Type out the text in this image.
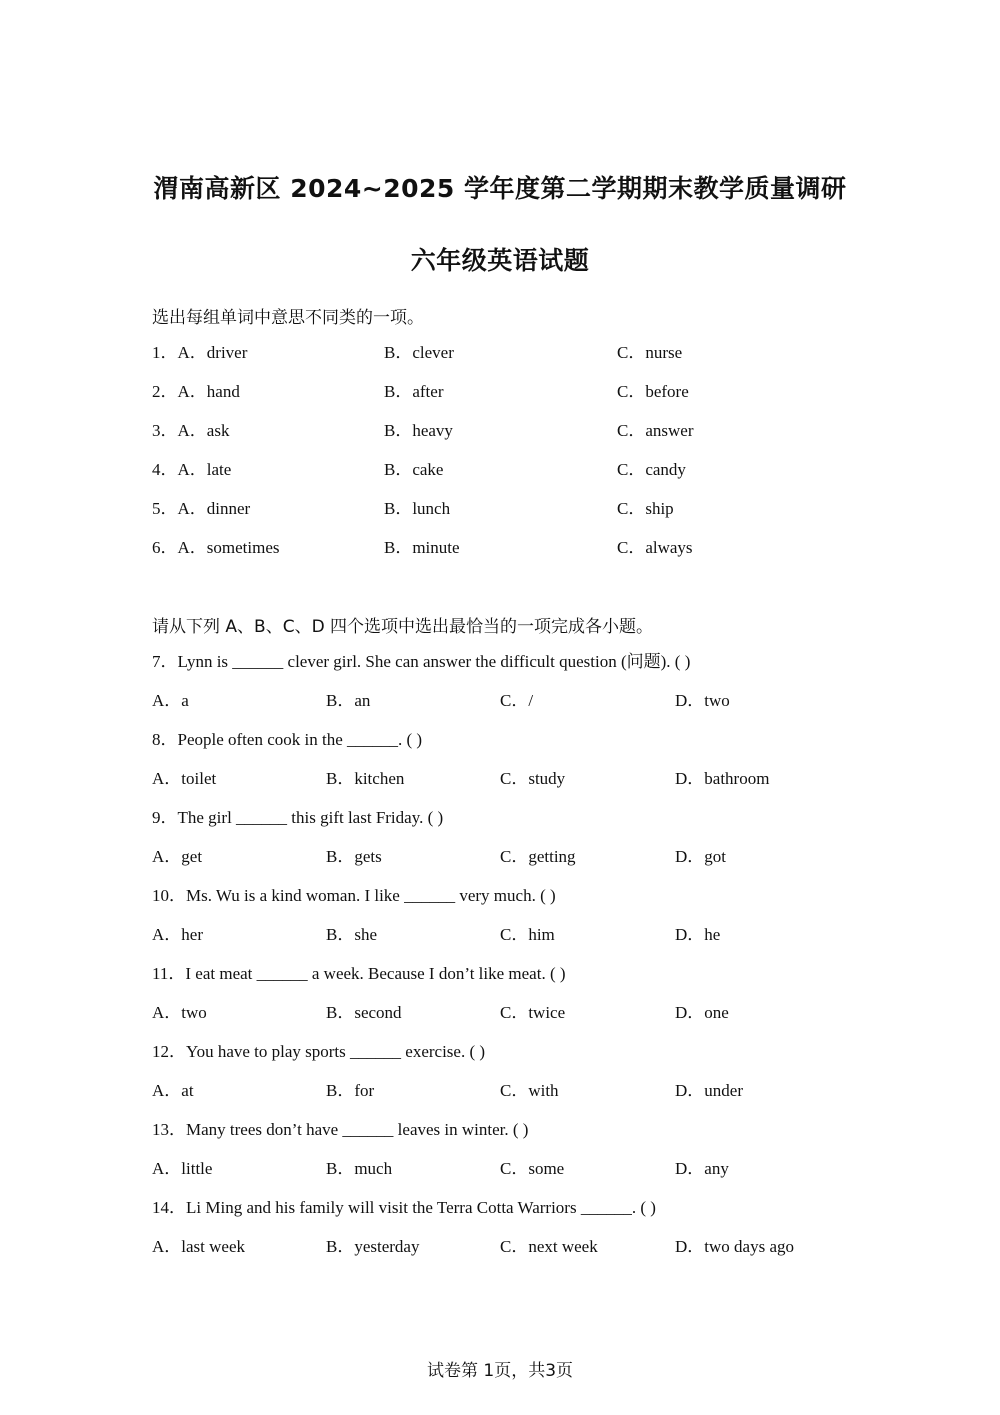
渭南高新区 2024~2025 学年度第二学期期末教学质量调研
六年级英语试题

选出每组单词中意思不同类的一项。

1．A．driver	B．clever	C．nurse
2．A．hand	B．after	C．before
3．A．ask	B．heavy	C．answer
4．A．late	B．cake	C．candy
5．A．dinner	B．lunch	C．ship
6．A．sometimes	B．minute	C．always

请从下列 A、B、C、D 四个选项中选出最恰当的一项完成各小题。

7．Lynn is ______ clever girl. She can answer the difficult question (问题). ( )
A．a	B．an	C．/	D．two
8．People often cook in the ______. ( )
A．toilet	B．kitchen	C．study	D．bathroom
9．The girl ______ this gift last Friday. ( )
A．get	B．gets	C．getting	D．got
10．Ms. Wu is a kind woman. I like ______ very much. ( )
A．her	B．she	C．him	D．he
11．I eat meat ______ a week. Because I don’t like meat. ( )
A．two	B．second	C．twice	D．one
12．You have to play sports ______ exercise. ( )
A．at	B．for	C．with	D．under
13．Many trees don’t have ______ leaves in winter. ( )
A．little	B．much	C．some	D．any
14．Li Ming and his family will visit the Terra Cotta Warriors ______. ( )
A．last week	B．yesterday	C．next week	D．two days ago
试卷第 1页，共3页
